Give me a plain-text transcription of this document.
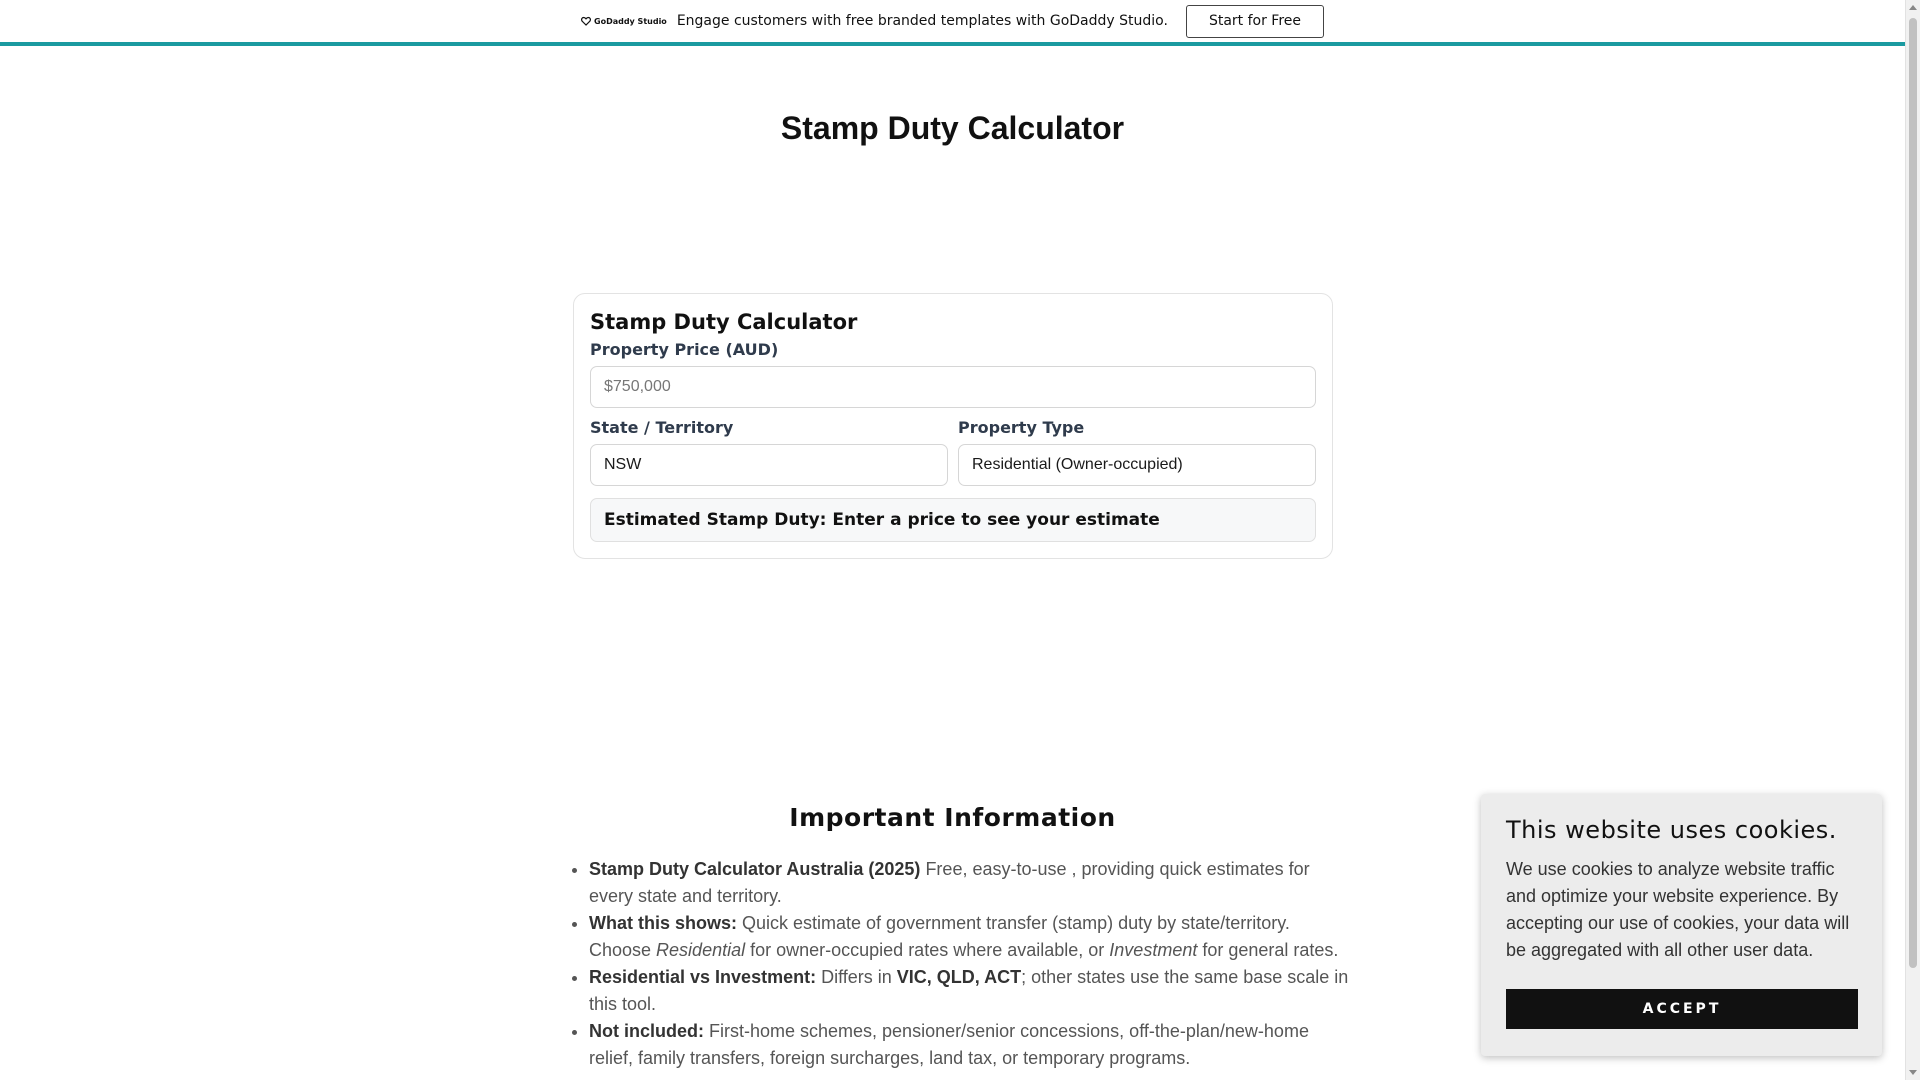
GoDaddy Studio Engage customers with free branded templates with GoDaddy Studio.	Start for Free
Stamp Duty Calculator
Stamp Duty Calculator
Property Price (AUD)
$750,000
State / Territory
NSW
Property Type
Residential (Owner-occupied)
Estimated Stamp Duty: Enter a price to see your estimate
Important Information
• Stamp Duty Calculator Australia (2025) Free, easy-to-use , providing quick estimates for every state and territory.
• What this shows: Quick estimate of government transfer (stamp) duty by state/territory. Choose Residential for owner-occupied rates where available, or Investment for general rates.
• Residential vs Investment: Differs in VIC, QLD, ACT; other states use the same base scale in this tool.
• Not included: First-home schemes, pensioner/senior concessions, off-the-plan/new-home relief, family transfers, foreign surcharges, land tax, or temporary programs.
This website uses cookies.
We use cookies to analyze website traffic and optimize your website experience. By accepting our use of cookies, your data will be aggregated with all other user data.
ACCEPT
